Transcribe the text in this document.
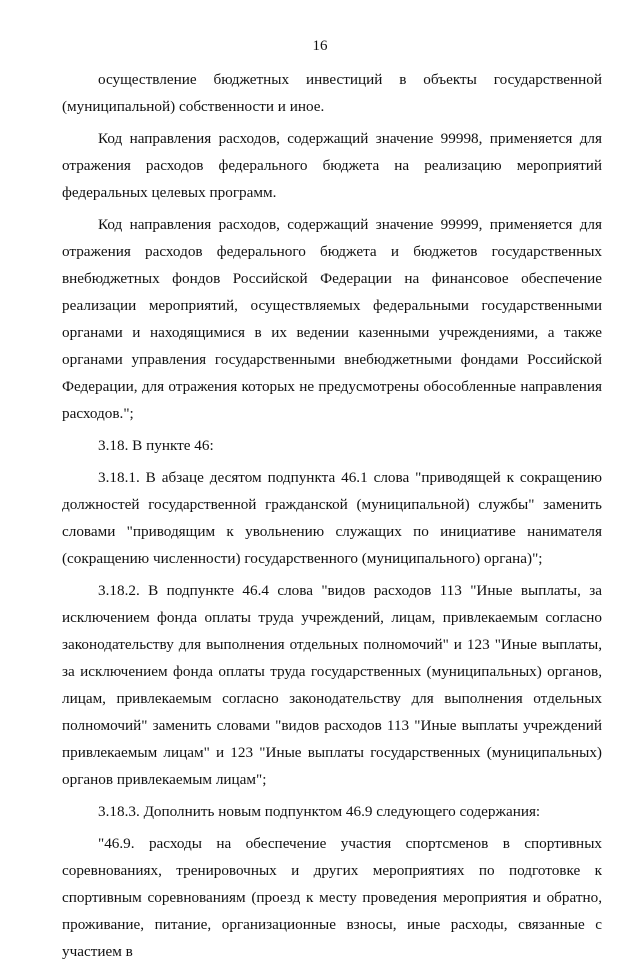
16

осуществление бюджетных инвестиций в объекты государственной (муниципальной) собственности и иное.

Код направления расходов, содержащий значение 99998, применяется для отражения расходов федерального бюджета на реализацию мероприятий федеральных целевых программ.

Код направления расходов, содержащий значение 99999, применяется для отражения расходов федерального бюджета и бюджетов государственных внебюджетных фондов Российской Федерации на финансовое обеспечение реализации мероприятий, осуществляемых федеральными государственными органами и находящимися в их ведении казенными учреждениями, а также органами управления государственными внебюджетными фондами Российской Федерации, для отражения которых не предусмотрены обособленные направления расходов.";

3.18. В пункте 46:

3.18.1. В абзаце десятом подпункта 46.1 слова "приводящей к сокращению должностей государственной гражданской (муниципальной) службы" заменить словами "приводящим к увольнению служащих по инициативе нанимателя (сокращению численности) государственного (муниципального) органа)";

3.18.2. В подпункте 46.4 слова "видов расходов 113 "Иные выплаты, за исключением фонда оплаты труда учреждений, лицам, привлекаемым согласно законодательству для выполнения отдельных полномочий" и 123 "Иные выплаты, за исключением фонда оплаты труда государственных (муниципальных) органов, лицам, привлекаемым согласно законодательству для выполнения отдельных полномочий" заменить словами "видов расходов 113 "Иные выплаты учреждений привлекаемым лицам" и 123 "Иные выплаты государственных (муниципальных) органов привлекаемым лицам";

3.18.3. Дополнить новым подпунктом 46.9 следующего содержания:

"46.9. расходы на обеспечение участия спортсменов в спортивных соревнованиях, тренировочных и других мероприятиях по подготовке к спортивным соревнованиям (проезд к месту проведения мероприятия и обратно, проживание, питание, организационные взносы, иные расходы, связанные с участием в
